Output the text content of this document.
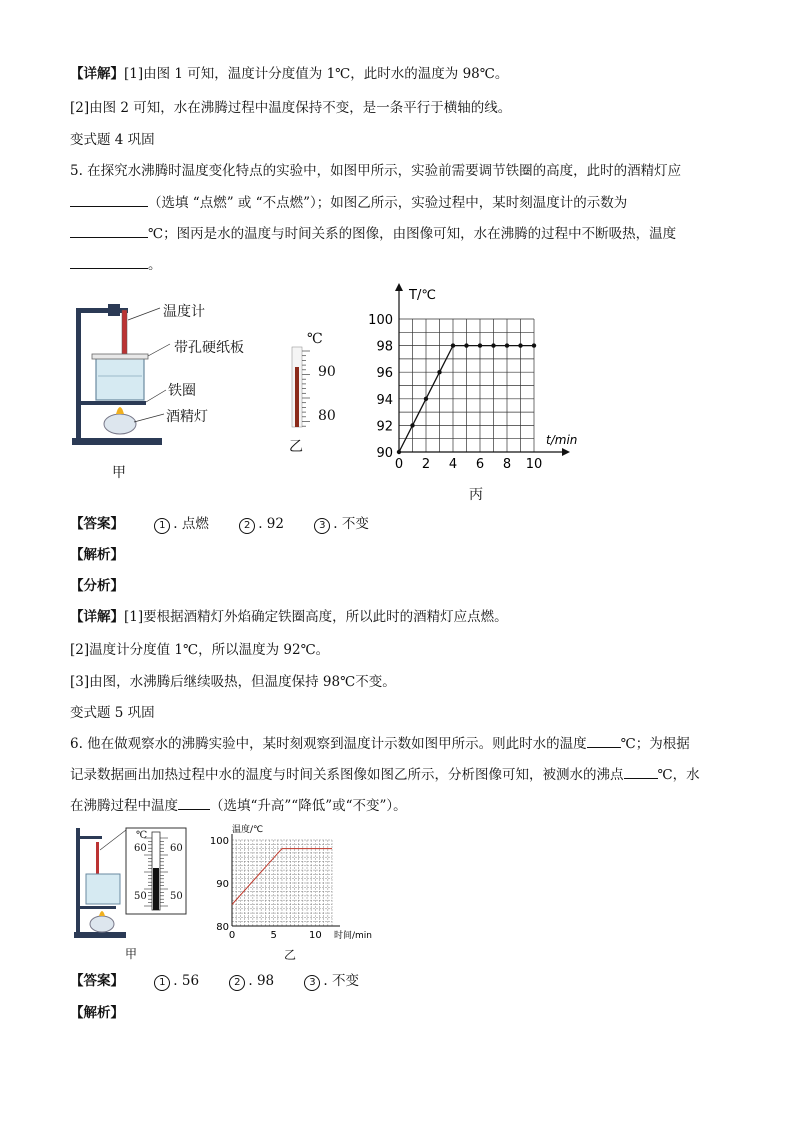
【详解】[1]由图 1 可知，温度计分度值为 1℃，此时水的温度为 98℃。
[2]由图 2 可知，水在沸腾过程中温度保持不变，是一条平行于横轴的线。
变式题 4 巩固
5. 在探究水沸腾时温度变化特点的实验中，如图甲所示，实验前需要调节铁圈的高度，此时的酒精灯应
（选填 “点燃” 或 “不点燃”）；如图乙所示，实验过程中，某时刻温度计的示数为
℃；图丙是水的温度与时间关系的图像，由图像可知，水在沸腾的过程中不断吸热，温度
。
温度计
带孔硬纸板
铁圈
酒精灯
甲
℃
90
80
乙
0 2 4 6 8 10
90
92
94
96
98
100
t/min
T/℃
丙
【答案】	1 . 点燃	2 . 92	3 . 不变
【解析】
【分析】
【详解】[1]要根据酒精灯外焰确定铁圈高度，所以此时的酒精灯应点燃。
[2]温度计分度值 1℃，所以温度为 92℃。
[3]由图，水沸腾后继续吸热，但温度保持 98℃不变。
变式题 5 巩固
6. 他在做观察水的沸腾实验中，某时刻观察到温度计示数如图甲所示。则此时水的温度	℃；为根据
记录数据画出加热过程中水的温度与时间关系图像如图乙所示，分析图像可知，被测水的沸点	℃，水
在沸腾过程中温度 （选填“升高”“降低”或“不变”）。
℃
60
50
60
50
甲
0	5	10
80
90
100
时间/min
温度/℃
乙
【答案】	1 . 56	2 . 98	3 . 不变
【解析】
